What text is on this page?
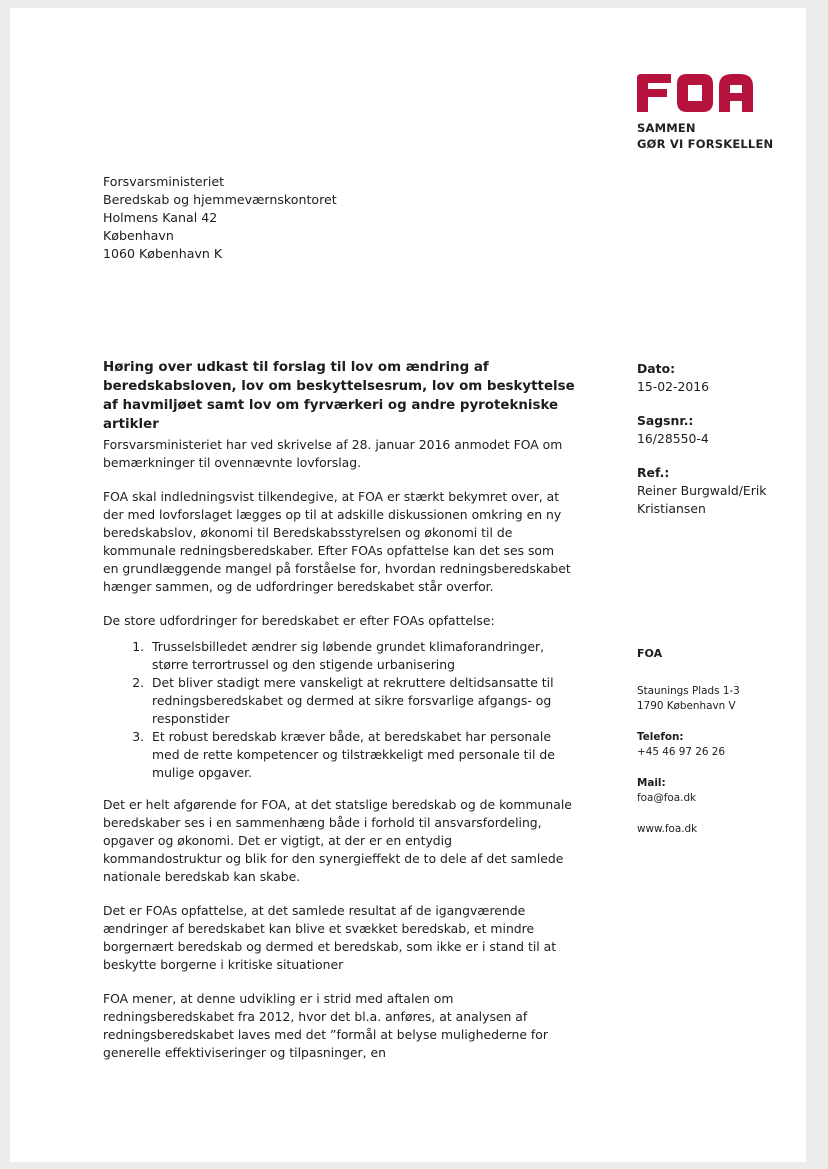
SAMMEN
GØR VI FORSKELLEN
Forsvarsministeriet
Beredskab og hjemmeværnskontoret
Holmens Kanal 42
København
1060 København K
Høring over udkast til forslag til lov om ændring af beredskabsloven, lov om beskyttelsesrum, lov om beskyttelse af havmiljøet samt lov om fyrværkeri og andre pyrotekniske artikler
Dato:
15-02-2016
Sagsnr.:
16/28550-4
Ref.:
Reiner Burgwald/Erik Kristiansen
FOA
Staunings Plads 1-3
1790 København V
Telefon:
+45 46 97 26 26
Mail:
foa@foa.dk
www.foa.dk

Forsvarsministeriet har ved skrivelse af 28. januar 2016 anmodet FOA om bemærkninger til ovennævnte lovforslag.

FOA skal indledningsvist tilkendegive, at FOA er stærkt bekymret over, at der med lovforslaget lægges op til at adskille diskussionen omkring en ny beredskabslov, økonomi til Beredskabsstyrelsen og økonomi til de kommunale redningsberedskaber. Efter FOAs opfattelse kan det ses som en grundlæggende mangel på forståelse for, hvordan redningsberedskabet hænger sammen, og de udfordringer beredskabet står overfor.

De store udfordringer for beredskabet er efter FOAs opfattelse:

1. Trusselsbilledet ændrer sig løbende grundet klimaforandringer, større terrortrussel og den stigende urbanisering
2. Det bliver stadigt mere vanskeligt at rekruttere deltidsansatte til redningsberedskabet og dermed at sikre forsvarlige afgangs- og responstider
3. Et robust beredskab kræver både, at beredskabet har personale med de rette kompetencer og tilstrækkeligt med personale til de mulige opgaver.

Det er helt afgørende for FOA, at det statslige beredskab og de kommunale beredskaber ses i en sammenhæng både i forhold til ansvarsfordeling, opgaver og økonomi. Det er vigtigt, at der er en entydig kommandostruktur og blik for den synergieffekt de to dele af det samlede nationale beredskab kan skabe.

Det er FOAs opfattelse, at det samlede resultat af de igangværende ændringer af beredskabet kan blive et svækket beredskab, et mindre borgernært beredskab og dermed et beredskab, som ikke er i stand til at beskytte borgerne i kritiske situationer

FOA mener, at denne udvikling er i strid med aftalen om redningsberedskabet fra 2012, hvor det bl.a. anføres, at analysen af redningsberedskabet laves med det ”formål at belyse mulighederne for generelle effektiviseringer og tilpasninger, en
